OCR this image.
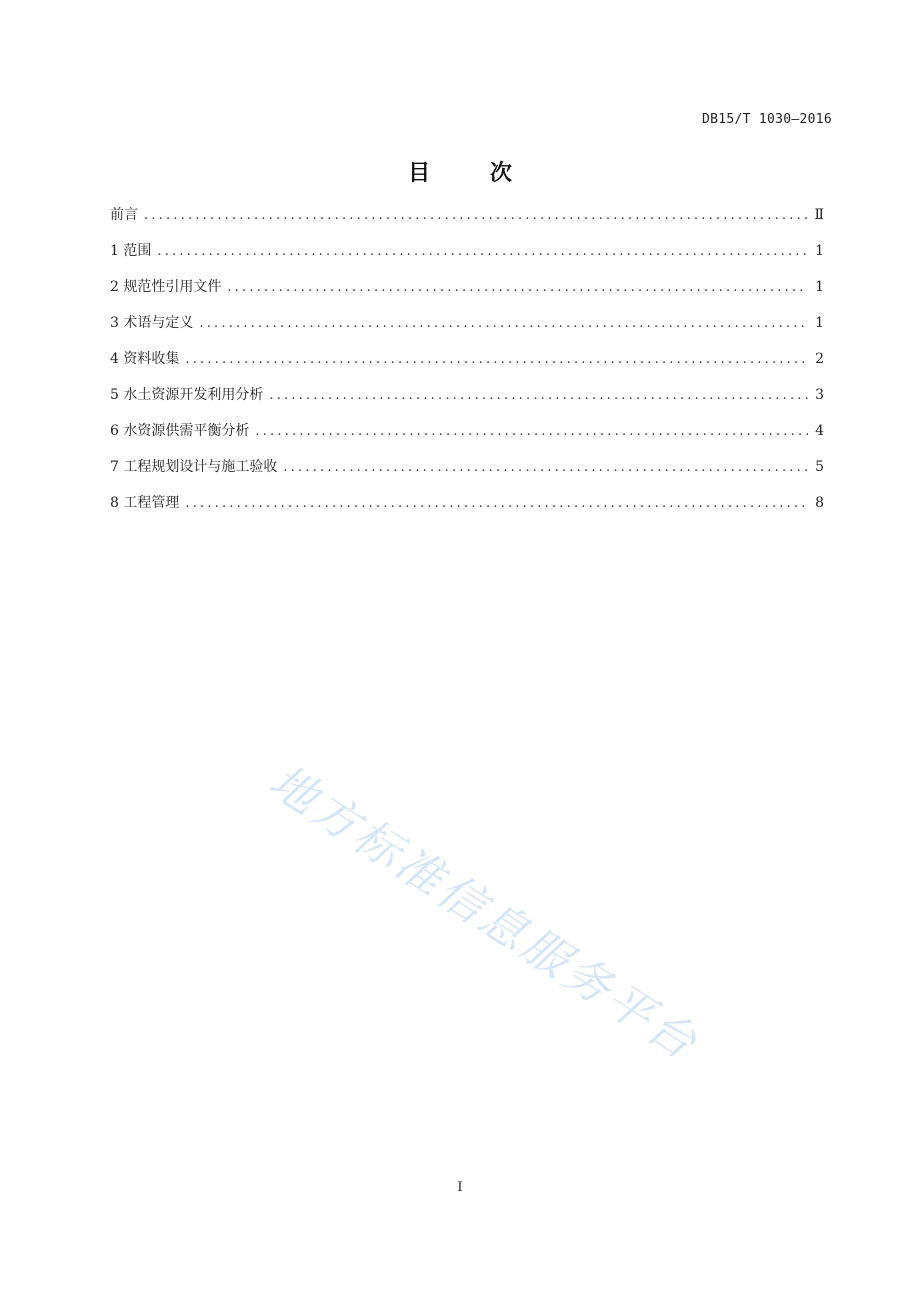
DB15/T 1030—2016
目 次
前言 .....	Ⅱ
1 范围 .....	1
2 规范性引用文件 .....	1
3 术语与定义 .....	1
4 资料收集 .....	2
5 水土资源开发利用分析 .....	3
6 水资源供需平衡分析 .....	4
7 工程规划设计与施工验收 .....	5
8 工程管理 .....	8
地方标准信息服务平台
I
